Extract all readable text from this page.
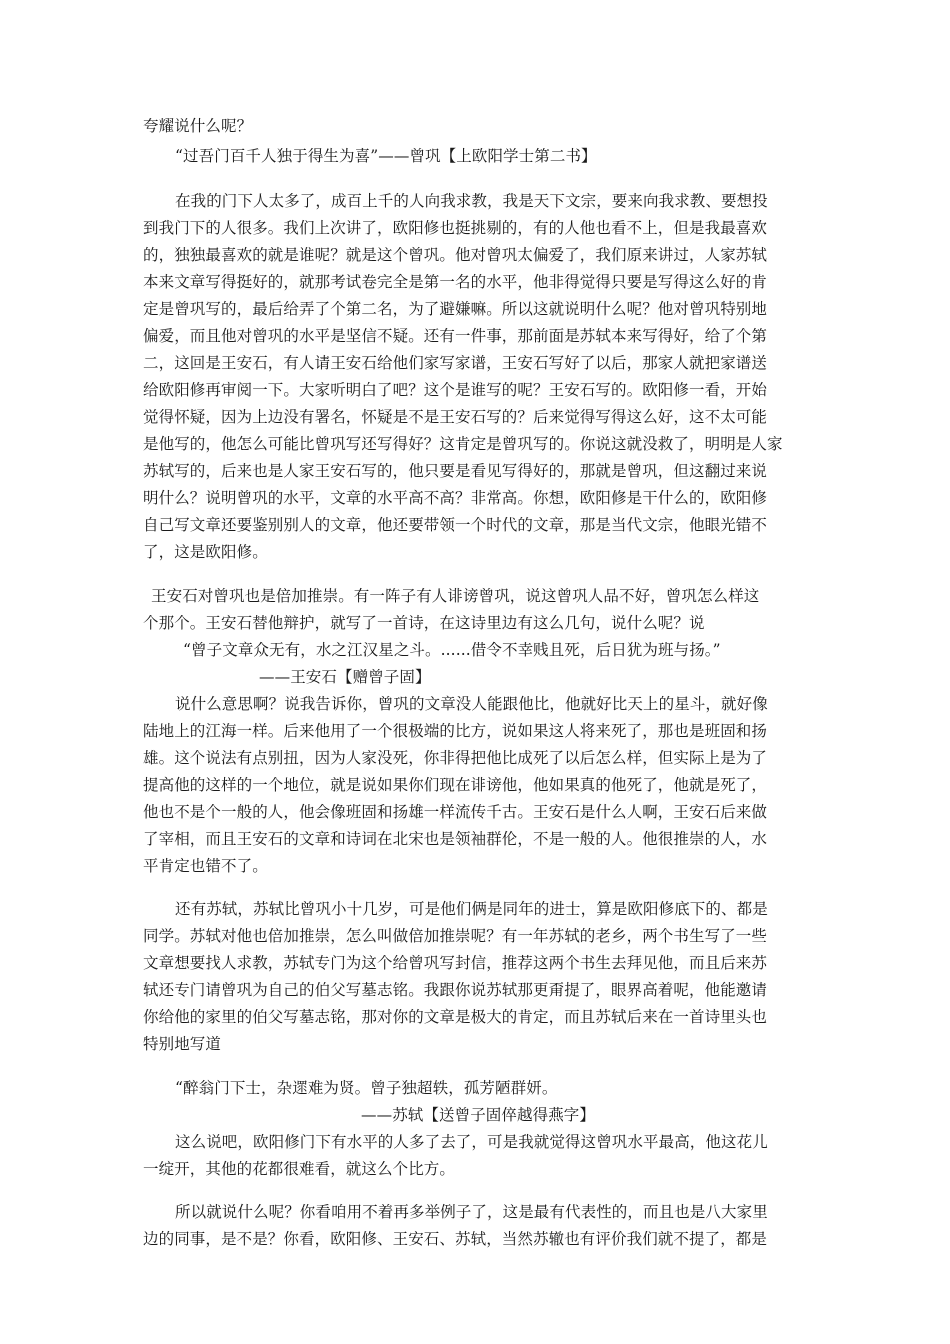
夸耀说什么呢？
“过吾门百千人独于得生为喜”——曾巩【上欧阳学士第二书】
在我的门下人太多了，成百上千的人向我求教，我是天下文宗，要来向我求教、要想投
到我门下的人很多。我们上次讲了，欧阳修也挺挑剔的，有的人他也看不上，但是我最喜欢
的，独独最喜欢的就是谁呢？就是这个曾巩。他对曾巩太偏爱了，我们原来讲过，人家苏轼
本来文章写得挺好的，就那考试卷完全是第一名的水平，他非得觉得只要是写得这么好的肯
定是曾巩写的，最后给弄了个第二名，为了避嫌嘛。所以这就说明什么呢？他对曾巩特别地
偏爱，而且他对曾巩的水平是坚信不疑。还有一件事，那前面是苏轼本来写得好，给了个第
二，这回是王安石，有人请王安石给他们家写家谱，王安石写好了以后，那家人就把家谱送
给欧阳修再审阅一下。大家听明白了吧？这个是谁写的呢？王安石写的。欧阳修一看，开始
觉得怀疑，因为上边没有署名，怀疑是不是王安石写的？后来觉得写得这么好，这不太可能
是他写的，他怎么可能比曾巩写还写得好？这肯定是曾巩写的。你说这就没救了，明明是人家
苏轼写的，后来也是人家王安石写的，他只要是看见写得好的，那就是曾巩，但这翻过来说
明什么？说明曾巩的水平，文章的水平高不高？非常高。你想，欧阳修是干什么的，欧阳修
自己写文章还要鉴别别人的文章，他还要带领一个时代的文章，那是当代文宗，他眼光错不
了，这是欧阳修。
王安石对曾巩也是倍加推崇。有一阵子有人诽谤曾巩，说这曾巩人品不好，曾巩怎么样这
个那个。王安石替他辩护，就写了一首诗，在这诗里边有这么几句，说什么呢？说
“曾子文章众无有，水之江汉星之斗。......借令不幸贱且死，后日犹为班与扬。”
——王安石【赠曾子固】
说什么意思啊？说我告诉你，曾巩的文章没人能跟他比，他就好比天上的星斗，就好像
陆地上的江海一样。后来他用了一个很极端的比方，说如果这人将来死了，那也是班固和扬
雄。这个说法有点别扭，因为人家没死，你非得把他比成死了以后怎么样，但实际上是为了
提高他的这样的一个地位，就是说如果你们现在诽谤他，他如果真的他死了，他就是死了，
他也不是个一般的人，他会像班固和扬雄一样流传千古。王安石是什么人啊，王安石后来做
了宰相，而且王安石的文章和诗词在北宋也是领袖群伦，不是一般的人。他很推崇的人，水
平肯定也错不了。
还有苏轼，苏轼比曾巩小十几岁，可是他们俩是同年的进士，算是欧阳修底下的、都是
同学。苏轼对他也倍加推崇，怎么叫做倍加推崇呢？有一年苏轼的老乡，两个书生写了一些
文章想要找人求教，苏轼专门为这个给曾巩写封信，推荐这两个书生去拜见他，而且后来苏
轼还专门请曾巩为自己的伯父写墓志铭。我跟你说苏轼那更甭提了，眼界高着呢，他能邀请
你给他的家里的伯父写墓志铭，那对你的文章是极大的肯定，而且苏轼后来在一首诗里头也
特别地写道
“醉翁门下士，杂遝难为贤。曾子独超轶，孤芳陋群妍。
——苏轼【送曾子固倅越得燕字】
这么说吧，欧阳修门下有水平的人多了去了，可是我就觉得这曾巩水平最高，他这花儿
一绽开，其他的花都很难看，就这么个比方。
所以就说什么呢？你看咱用不着再多举例子了，这是最有代表性的，而且也是八大家里
边的同事，是不是？你看，欧阳修、王安石、苏轼，当然苏辙也有评价我们就不提了，都是
